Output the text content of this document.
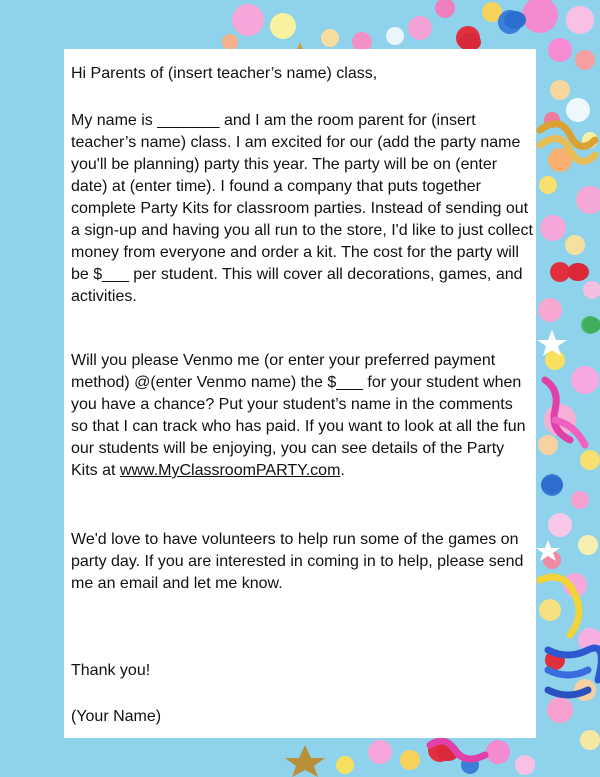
Hi Parents of (insert teacher’s name) class,

My name is _______ and I am the room parent for (insert teacher’s name) class. I am excited for our (add the party name you'll be planning) party this year. The party will be on (enter date) at (enter time). I found a company that puts together complete Party Kits for classroom parties. Instead of sending out a sign-up and having you all run to the store, I'd like to just collect money from everyone and order a kit. The cost for the party will be $___ per student. This will cover all decorations, games, and activities.

Will you please Venmo me (or enter your preferred payment method) @(enter Venmo name) the $___ for your student when you have a chance? Put your student’s name in the comments so that I can track who has paid. If you want to look at all the fun our students will be enjoying, you can see details of the Party Kits at www.MyClassroomPARTY.com.

We'd love to have volunteers to help run some of the games on party day. If you are interested in coming in to help, please send me an email and let me know.

Thank you!

(Your Name)
